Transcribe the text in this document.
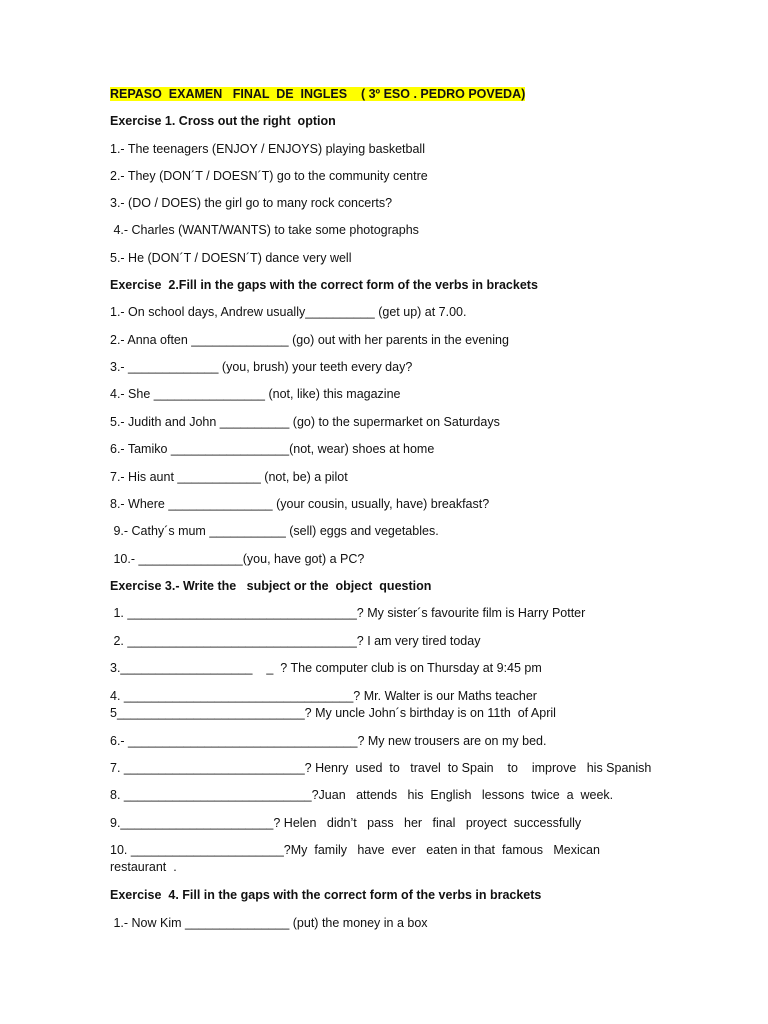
REPASO  EXAMEN   FINAL  DE  INGLES    ( 3º ESO . PEDRO POVEDA)
Exercise 1. Cross out the right  option
1.- The teenagers (ENJOY / ENJOYS) playing basketball
2.- They (DON´T / DOESN´T) go to the community centre
3.- (DO / DOES) the girl go to many rock concerts?
4.- Charles (WANT/WANTS) to take some photographs
5.- He (DON´T / DOESN´T) dance very well
Exercise  2.Fill in the gaps with the correct form of the verbs in brackets
1.- On school days, Andrew usually__________ (get up) at 7.00.
2.- Anna often ______________ (go) out with her parents in the evening
3.- _____________ (you, brush) your teeth every day?
4.- She ________________ (not, like) this magazine
5.- Judith and John __________ (go) to the supermarket on Saturdays
6.- Tamiko _________________(not, wear) shoes at home
7.- His aunt ____________ (not, be) a pilot
8.- Where _______________ (your cousin, usually, have) breakfast?
9.- Cathy´s mum ___________ (sell) eggs and vegetables.
10.- _______________(you, have got) a PC?
Exercise 3.- Write the   subject or the  object  question
1. _________________________________? My sister´s favourite film is Harry Potter
2. _________________________________? I am very tired today
3.___________________    _  ? The computer club is on Thursday at 9:45 pm
4. _________________________________? Mr. Walter is our Maths teacher
5___________________________? My uncle John´s birthday is on 11th  of April
6.- _________________________________? My new trousers are on my bed.
7. __________________________? Henry  used  to   travel  to Spain    to    improve   his Spanish
8. ___________________________?Juan   attends   his  English   lessons  twice  a  week.
9.______________________? Helen   didn’t   pass   her   final   proyect  successfully
10. ______________________?My  family   have  ever   eaten in that  famous   Mexican
restaurant  .
Exercise  4. Fill in the gaps with the correct form of the verbs in brackets
1.- Now Kim _______________ (put) the money in a box
